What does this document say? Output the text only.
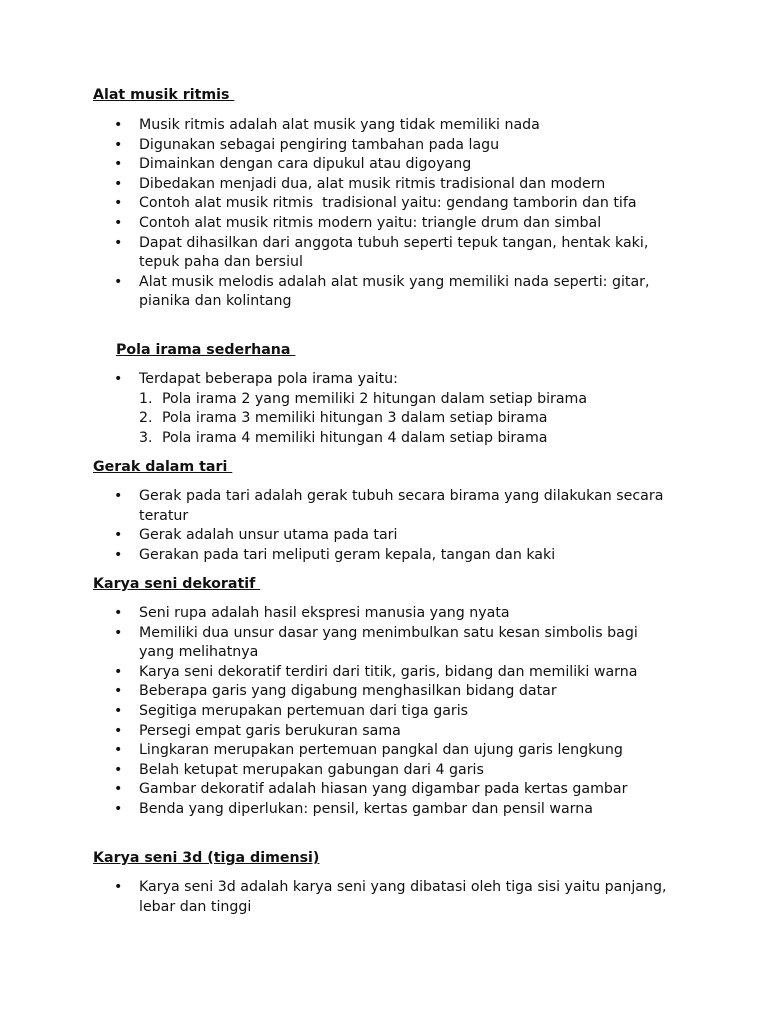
Alat musik ritmis
• Musik ritmis adalah alat musik yang tidak memiliki nada
• Digunakan sebagai pengiring tambahan pada lagu
• Dimainkan dengan cara dipukul atau digoyang
• Dibedakan menjadi dua, alat musik ritmis tradisional dan modern
• Contoh alat musik ritmis  tradisional yaitu: gendang tamborin dan tifa
• Contoh alat musik ritmis modern yaitu: triangle drum dan simbal
• Dapat dihasilkan dari anggota tubuh seperti tepuk tangan, hentak kaki, tepuk paha dan bersiul
• Alat musik melodis adalah alat musik yang memiliki nada seperti: gitar, pianika dan kolintang
Pola irama sederhana
• Terdapat beberapa pola irama yaitu:
1. Pola irama 2 yang memiliki 2 hitungan dalam setiap birama
2. Pola irama 3 memiliki hitungan 3 dalam setiap birama
3. Pola irama 4 memiliki hitungan 4 dalam setiap birama
Gerak dalam tari
• Gerak pada tari adalah gerak tubuh secara birama yang dilakukan secara teratur
• Gerak adalah unsur utama pada tari
• Gerakan pada tari meliputi geram kepala, tangan dan kaki
Karya seni dekoratif
• Seni rupa adalah hasil ekspresi manusia yang nyata
• Memiliki dua unsur dasar yang menimbulkan satu kesan simbolis bagi yang melihatnya
• Karya seni dekoratif terdiri dari titik, garis, bidang dan memiliki warna
• Beberapa garis yang digabung menghasilkan bidang datar
• Segitiga merupakan pertemuan dari tiga garis
• Persegi empat garis berukuran sama
• Lingkaran merupakan pertemuan pangkal dan ujung garis lengkung
• Belah ketupat merupakan gabungan dari 4 garis
• Gambar dekoratif adalah hiasan yang digambar pada kertas gambar
• Benda yang diperlukan: pensil, kertas gambar dan pensil warna
Karya seni 3d (tiga dimensi)
• Karya seni 3d adalah karya seni yang dibatasi oleh tiga sisi yaitu panjang, lebar dan tinggi
